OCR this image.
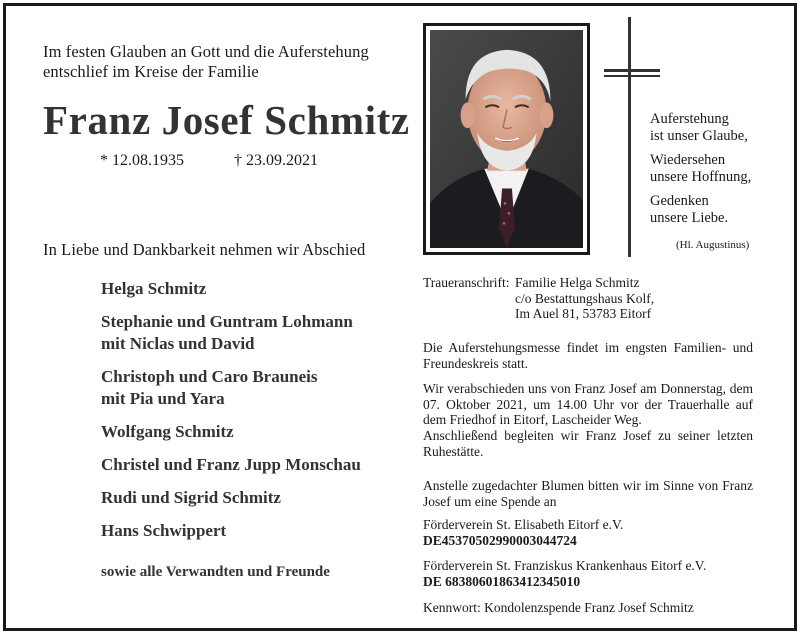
Im festen Glauben an Gott und die Auferstehung
entschlief im Kreise der Familie
Franz Josef Schmitz
* 12.08.1935	† 23.09.2021
In Liebe und Dankbarkeit nehmen wir Abschied
Helga Schmitz
Stephanie und Guntram Lohmann
mit Niclas und David
Christoph und Caro Brauneis
mit Pia und Yara
Wolfgang Schmitz
Christel und Franz Jupp Monschau
Rudi und Sigrid Schmitz
Hans Schwippert
sowie alle Verwandten und Freunde

Auferstehung
ist unser Glaube,

Wiedersehen
unsere Hoffnung,

Gedenken
unsere Liebe.

(Hl. Augustinus)
Traueranschrift: Familie Helga Schmitz
c/o Bestattungshaus Kolf,
Im Auel 81, 53783 Eitorf
Die Auferstehungsmesse findet im engsten Familien- und Freundeskreis statt.
Wir verabschieden uns von Franz Josef am Donnerstag, dem 07. Oktober 2021, um 14.00 Uhr vor der Trauerhalle auf dem Friedhof in Eitorf, Lascheider Weg.
Anschließend begleiten wir Franz Josef zu seiner letzten Ruhestätte.
Anstelle zugedachter Blumen bitten wir im Sinne von Franz Josef um eine Spende an
Förderverein St. Elisabeth Eitorf e.V.
DE45370502990003044724
Förderverein St. Franziskus Krankenhaus Eitorf e.V.
DE 68380601863412345010
Kennwort: Kondolenzspende Franz Josef Schmitz
